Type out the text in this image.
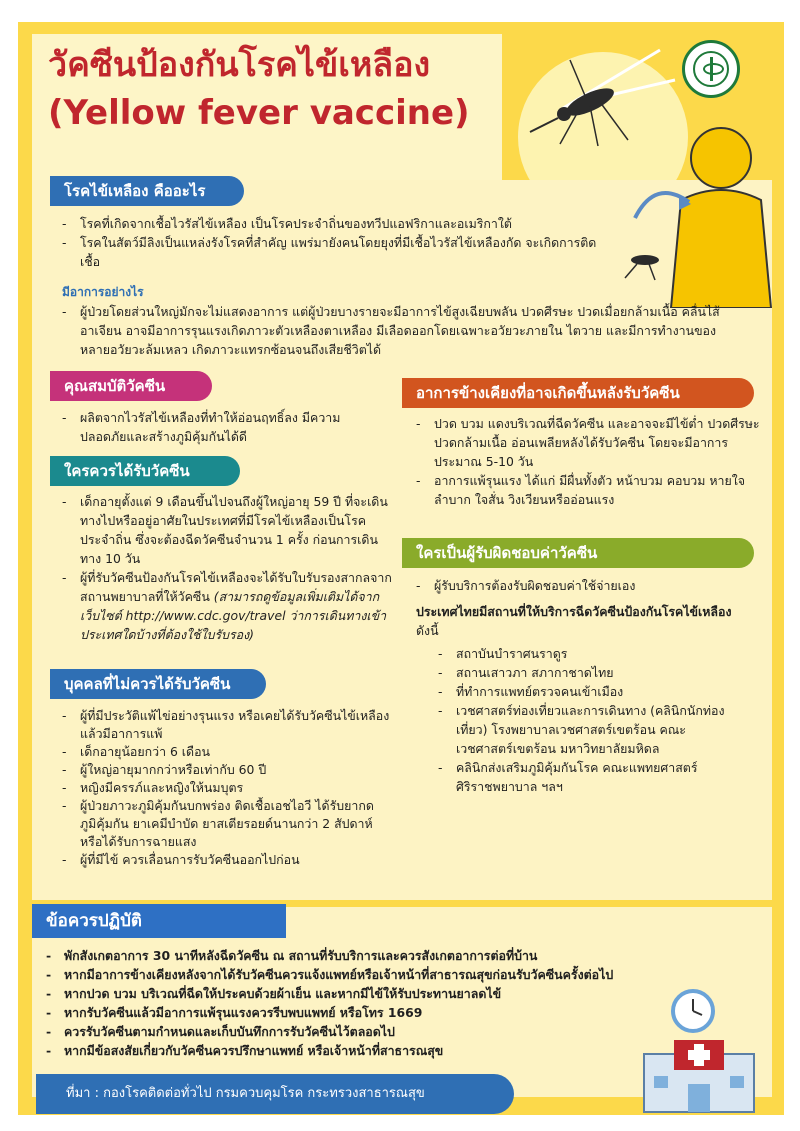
วัคซีนป้องกันโรคไข้เหลือง
(Yellow fever vaccine)
โรคไข้เหลือง คืออะไร
- โรคที่เกิดจากเชื้อไวรัสไข้เหลือง เป็นโรคประจำถิ่นของทวีปแอฟริกาและอเมริกาใต้
- โรคในสัตว์มีลิงเป็นแหล่งรังโรคที่สำคัญ แพร่มายังคนโดยยุงที่มีเชื้อไวรัสไข้เหลืองกัด จะเกิดการติดเชื้อ
มีอาการอย่างไร
- ผู้ป่วยโดยส่วนใหญ่มักจะไม่แสดงอาการ แต่ผู้ป่วยบางรายจะมีอาการไข้สูงเฉียบพลัน ปวดศีรษะ ปวดเมื่อยกล้ามเนื้อ คลื่นไส้อาเจียน อาจมีอาการรุนแรงเกิดภาวะตัวเหลืองตาเหลือง มีเลือดออกโดยเฉพาะอวัยวะภายใน ไตวาย และมีการทำงานของหลายอวัยวะล้มเหลว เกิดภาวะแทรกซ้อนจนถึงเสียชีวิตได้
คุณสมบัติวัคซีน
- ผลิตจากไวรัสไข้เหลืองที่ทำให้อ่อนฤทธิ์ลง มีความปลอดภัยและสร้างภูมิคุ้มกันได้ดี
ใครควรได้รับวัคซีน
- เด็กอายุตั้งแต่ 9 เดือนขึ้นไปจนถึงผู้ใหญ่อายุ 59 ปี ที่จะเดินทางไปหรืออยู่อาศัยในประเทศที่มีโรคไข้เหลืองเป็นโรคประจำถิ่น ซึ่งจะต้องฉีดวัคซีนจำนวน 1 ครั้ง ก่อนการเดินทาง 10 วัน
- ผู้ที่รับวัคซีนป้องกันโรคไข้เหลืองจะได้รับใบรับรองสากลจากสถานพยาบาลที่ให้วัคซีน (สามารถดูข้อมูลเพิ่มเติมได้จากเว็บไซต์ http://www.cdc.gov/travel ว่าการเดินทางเข้าประเทศใดบ้างที่ต้องใช้ใบรับรอง)
บุคคลที่ไม่ควรได้รับวัคซีน
- ผู้ที่มีประวัติแพ้ไข่อย่างรุนแรง หรือเคยได้รับวัคซีนไข้เหลืองแล้วมีอาการแพ้
- เด็กอายุน้อยกว่า 6 เดือน
- ผู้ใหญ่อายุมากกว่าหรือเท่ากับ 60 ปี
- หญิงมีครรภ์และหญิงให้นมบุตร
- ผู้ป่วยภาวะภูมิคุ้มกันบกพร่อง ติดเชื้อเอชไอวี ได้รับยากดภูมิคุ้มกัน ยาเคมีบำบัด ยาสเตียรอยด์นานกว่า 2 สัปดาห์ หรือได้รับการฉายแสง
- ผู้ที่มีไข้ ควรเลื่อนการรับวัคซีนออกไปก่อน
อาการข้างเคียงที่อาจเกิดขึ้นหลังรับวัคซีน
- ปวด บวม แดงบริเวณที่ฉีดวัคซีน และอาจจะมีไข้ต่ำ ปวดศีรษะ ปวดกล้ามเนื้อ อ่อนเพลียหลังได้รับวัคซีน โดยจะมีอาการประมาณ 5-10 วัน
- อาการแพ้รุนแรง ได้แก่ มีผื่นทั้งตัว หน้าบวม คอบวม หายใจลำบาก ใจสั่น วิงเวียนหรืออ่อนแรง
ใครเป็นผู้รับผิดชอบค่าวัคซีน
- ผู้รับบริการต้องรับผิดชอบค่าใช้จ่ายเอง
ประเทศไทยมีสถานที่ให้บริการฉีดวัคซีนป้องกันโรคไข้เหลือง
ดังนี้
- สถาบันบำราศนราดูร
- สถานเสาวภา สภากาชาดไทย
- ที่ทำการแพทย์ตรวจคนเข้าเมือง
- เวชศาสตร์ท่องเที่ยวและการเดินทาง (คลินิกนักท่องเที่ยว) โรงพยาบาลเวชศาสตร์เขตร้อน คณะเวชศาสตร์เขตร้อน มหาวิทยาลัยมหิดล
- คลินิกส่งเสริมภูมิคุ้มกันโรค คณะแพทยศาสตร์ศิริราชพยาบาล ฯลฯ
ข้อควรปฏิบัติ
- พักสังเกตอาการ 30 นาทีหลังฉีดวัคซีน ณ สถานที่รับบริการและควรสังเกตอาการต่อที่บ้าน
- หากมีอาการข้างเคียงหลังจากได้รับวัคซีนควรแจ้งแพทย์หรือเจ้าหน้าที่สาธารณสุขก่อนรับวัคซีนครั้งต่อไป
- หากปวด บวม บริเวณที่ฉีดให้ประคบด้วยผ้าเย็น และหากมีไข้ให้รับประทานยาลดไข้
- หากรับวัคซีนแล้วมีอาการแพ้รุนแรงควรรีบพบแพทย์ หรือโทร 1669
- ควรรับวัคซีนตามกำหนดและเก็บบันทึกการรับวัคซีนไว้ตลอดไป
- หากมีข้อสงสัยเกี่ยวกับวัคซีนควรปรึกษาแพทย์ หรือเจ้าหน้าที่สาธารณสุข
ที่มา : กองโรคติดต่อทั่วไป กรมควบคุมโรค กระทรวงสาธารณสุข
